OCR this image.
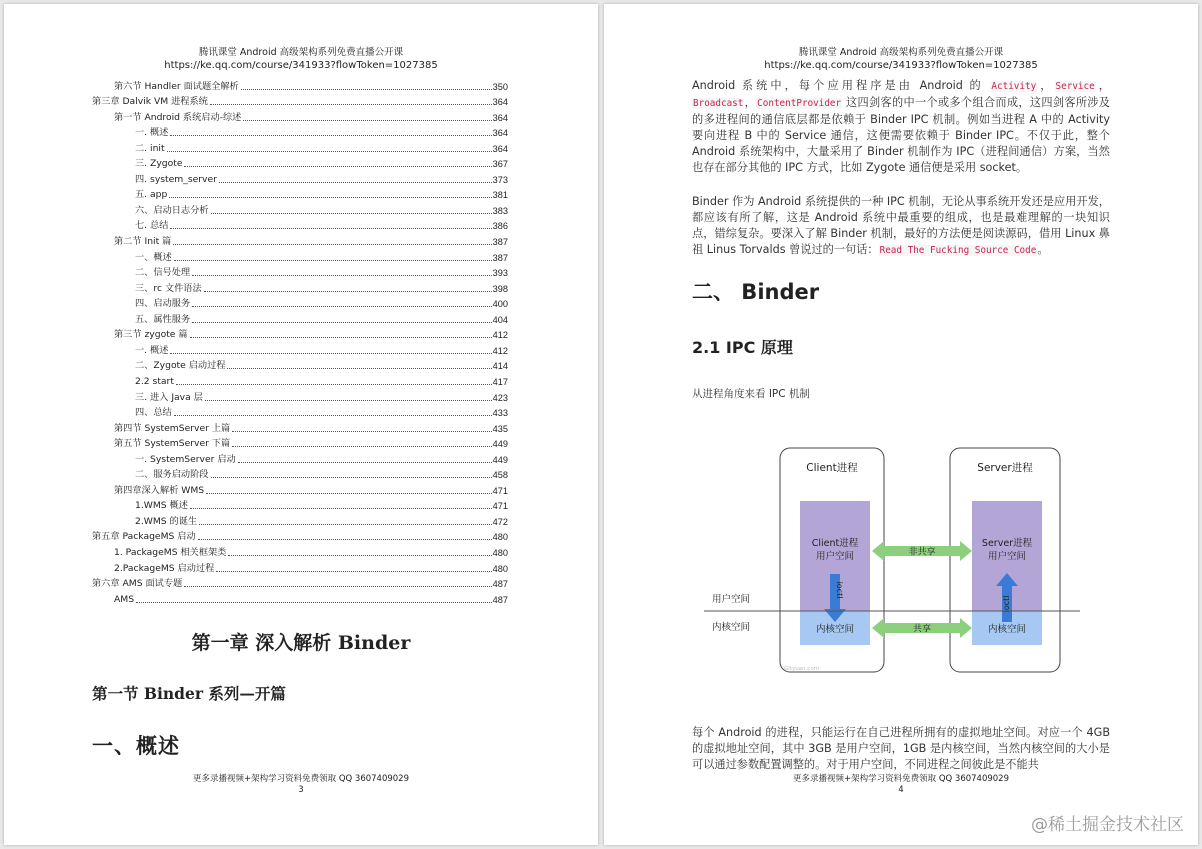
腾讯课堂 Android 高级架构系列免费直播公开课
https://ke.qq.com/course/341933?flowToken=1027385
第六节 Handler 面试题全解析	350
第三章 Dalvik VM 进程系统	364
第一节 Android 系统启动-综述	364
一. 概述	364
二. init	364
三. Zygote	367
四. system_server	373
五. app	381
六、启动日志分析	383
七. 总结	386
第二节 Init 篇	387
一、概述	387
二、信号处理	393
三、rc 文件语法	398
四、启动服务	400
五、属性服务	404
第三节 zygote 篇	412
一. 概述	412
二、Zygote 启动过程	414
2.2 start	417
三. 进入 Java 层	423
四、总结	433
第四节 SystemServer 上篇	435
第五节 SystemServer 下篇	449
一. SystemServer 启动	449
二、服务启动阶段	458
第四章深入解析 WMS	471
1.WMS 概述	471
2.WMS 的诞生	472
第五章 PackageMS 启动	480
1. PackageMS 相关框架类	480
2.PackageMS 启动过程	480
第六章 AMS 面试专题	487
AMS	487
第一章 深入解析 Binder
第一节 Binder 系列—开篇
一、概述
更多录播视频+架构学习资料免费领取 QQ 3607409029
3
腾讯课堂 Android 高级架构系列免费直播公开课
https://ke.qq.com/course/341933?flowToken=1027385
Android 系统中，每个应用程序是由 Android 的 Activity，Service，Broadcast，ContentProvider 这四剑客的中一个或多个组合而成，这四剑客所涉及的多进程间的通信底层都是依赖于 Binder IPC 机制。例如当进程 A 中的 Activity 要向进程 B 中的 Service 通信，这便需要依赖于 Binder IPC。不仅于此，整个 Android 系统架构中，大量采用了 Binder 机制作为 IPC（进程间通信）方案，当然也存在部分其他的 IPC 方式，比如 Zygote 通信便是采用 socket。
Binder 作为 Android 系统提供的一种 IPC 机制，无论从事系统开发还是应用开发，都应该有所了解，这是 Android 系统中最重要的组成，也是最难理解的一块知识点，错综复杂。要深入了解 Binder 机制，最好的方法便是阅读源码，借用 Linux 鼻祖 Linus Torvalds 曾说过的一句话：Read The Fucking Source Code。
二、 Binder
2.1 IPC 原理
从进程角度来看 IPC 机制
Client进程	Server进程
Client进程
用户空间
Server进程
用户空间
内核空间	内核空间
非共享
共享
ioctl
ioctl
用户空间
内核空间
Gityuan.com
每个 Android 的进程，只能运行在自己进程所拥有的虚拟地址空间。对应一个 4GB 的虚拟地址空间，其中 3GB 是用户空间，1GB 是内核空间，当然内核空间的大小是可以通过参数配置调整的。对于用户空间，不同进程之间彼此是不能共
更多录播视频+架构学习资料免费领取 QQ 3607409029
4
@稀土掘金技术社区
